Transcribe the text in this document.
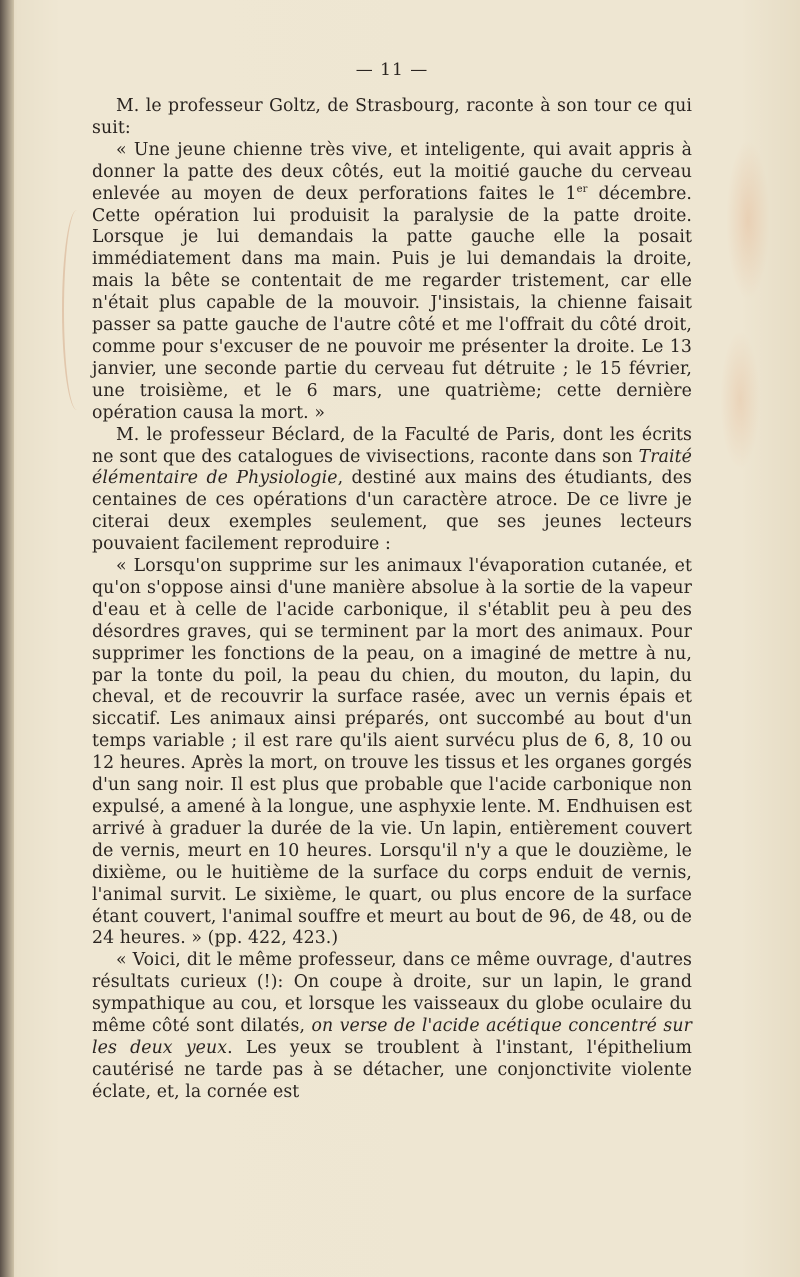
— 11 —

M. le professeur Goltz, de Strasbourg, raconte à son tour ce qui suit:

« Une jeune chienne très vive, et inteligente, qui avait appris à donner la patte des deux côtés, eut la moitié gauche du cerveau enlevée au moyen de deux perforations faites le 1er décembre. Cette opération lui produisit la paralysie de la patte droite. Lorsque je lui demandais la patte gauche elle la posait immédiatement dans ma main. Puis je lui demandais la droite, mais la bête se contentait de me regarder tristement, car elle n'était plus capable de la mouvoir. J'insistais, la chienne faisait passer sa patte gauche de l'autre côté et me l'offrait du côté droit, comme pour s'excuser de ne pouvoir me présenter la droite. Le 13 janvier, une seconde partie du cerveau fut détruite ; le 15 février, une troisième, et le 6 mars, une quatrième; cette dernière opération causa la mort. »

M. le professeur Béclard, de la Faculté de Paris, dont les écrits ne sont que des catalogues de vivisections, raconte dans son Traité élémentaire de Physiologie, destiné aux mains des étudiants, des centaines de ces opérations d'un caractère atroce. De ce livre je citerai deux exemples seulement, que ses jeunes lecteurs pouvaient facilement reproduire :

« Lorsqu'on supprime sur les animaux l'évaporation cutanée, et qu'on s'oppose ainsi d'une manière absolue à la sortie de la vapeur d'eau et à celle de l'acide carbonique, il s'établit peu à peu des désordres graves, qui se terminent par la mort des animaux. Pour supprimer les fonctions de la peau, on a imaginé de mettre à nu, par la tonte du poil, la peau du chien, du mouton, du lapin, du cheval, et de recouvrir la surface rasée, avec un vernis épais et siccatif. Les animaux ainsi préparés, ont succombé au bout d'un temps variable ; il est rare qu'ils aient survécu plus de 6, 8, 10 ou 12 heures. Après la mort, on trouve les tissus et les organes gorgés d'un sang noir. Il est plus que probable que l'acide carbonique non expulsé, a amené à la longue, une asphyxie lente. M. Endhuisen est arrivé à graduer la durée de la vie. Un lapin, entièrement couvert de vernis, meurt en 10 heures. Lorsqu'il n'y a que le douzième, le dixième, ou le huitième de la surface du corps enduit de vernis, l'animal survit. Le sixième, le quart, ou plus encore de la surface étant couvert, l'animal souffre et meurt au bout de 96, de 48, ou de 24 heures. » (pp. 422, 423.)

« Voici, dit le même professeur, dans ce même ouvrage, d'autres résultats curieux (!): On coupe à droite, sur un lapin, le grand sympathique au cou, et lorsque les vaisseaux du globe oculaire du même côté sont dilatés, on verse de l'acide acétique concentré sur les deux yeux. Les yeux se troublent à l'instant, l'épithelium cautérisé ne tarde pas à se détacher, une conjonctivite violente éclate, et, la cornée est
